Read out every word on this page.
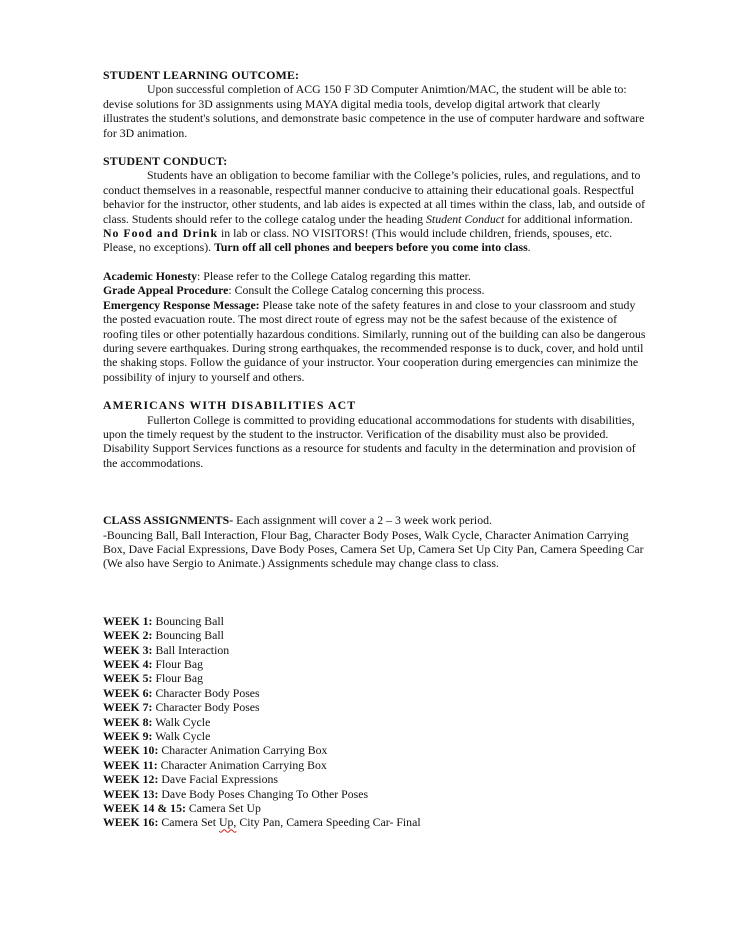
STUDENT LEARNING OUTCOME:

Upon successful completion of ACG 150 F 3D Computer Animtion/MAC, the student will be able to: devise solutions for 3D assignments using MAYA digital media tools, develop digital artwork that clearly illustrates the student's solutions, and demonstrate basic competence in the use of computer hardware and software for 3D animation.

STUDENT CONDUCT:

Students have an obligation to become familiar with the College’s policies, rules, and regulations, and to conduct themselves in a reasonable, respectful manner conducive to attaining their educational goals. Respectful behavior for the instructor, other students, and lab aides is expected at all times within the class, lab, and outside of class. Students should refer to the college catalog under the heading Student Conduct for additional information.

No Food and Drink in lab or class. NO VISITORS! (This would include children, friends, spouses, etc. Please, no exceptions). Turn off all cell phones and beepers before you come into class.

Academic Honesty: Please refer to the College Catalog regarding this matter.

Grade Appeal Procedure: Consult the College Catalog concerning this process.

Emergency Response Message: Please take note of the safety features in and close to your classroom and study the posted evacuation route. The most direct route of egress may not be the safest because of the existence of roofing tiles or other potentially hazardous conditions. Similarly, running out of the building can also be dangerous during severe earthquakes. During strong earthquakes, the recommended response is to duck, cover, and hold until the shaking stops. Follow the guidance of your instructor. Your cooperation during emergencies can minimize the possibility of injury to yourself and others.

AMERICANS WITH DISABILITIES ACT

Fullerton College is committed to providing educational accommodations for students with disabilities, upon the timely request by the student to the instructor. Verification of the disability must also be provided. Disability Support Services functions as a resource for students and faculty in the determination and provision of the accommodations.

CLASS ASSIGNMENTS- Each assignment will cover a 2 – 3 week work period.

-Bouncing Ball, Ball Interaction, Flour Bag, Character Body Poses, Walk Cycle, Character Animation Carrying Box, Dave Facial Expressions, Dave Body Poses, Camera Set Up, Camera Set Up City Pan, Camera Speeding Car (We also have Sergio to Animate.) Assignments schedule may change class to class.

WEEK 1: Bouncing Ball
WEEK 2: Bouncing Ball
WEEK 3: Ball Interaction
WEEK 4: Flour Bag
WEEK 5: Flour Bag
WEEK 6: Character Body Poses
WEEK 7: Character Body Poses
WEEK 8: Walk Cycle
WEEK 9: Walk Cycle
WEEK 10: Character Animation Carrying Box
WEEK 11: Character Animation Carrying Box
WEEK 12: Dave Facial Expressions
WEEK 13: Dave Body Poses Changing To Other Poses
WEEK 14 & 15: Camera Set Up
WEEK 16: Camera Set Up, City Pan, Camera Speeding Car- Final
